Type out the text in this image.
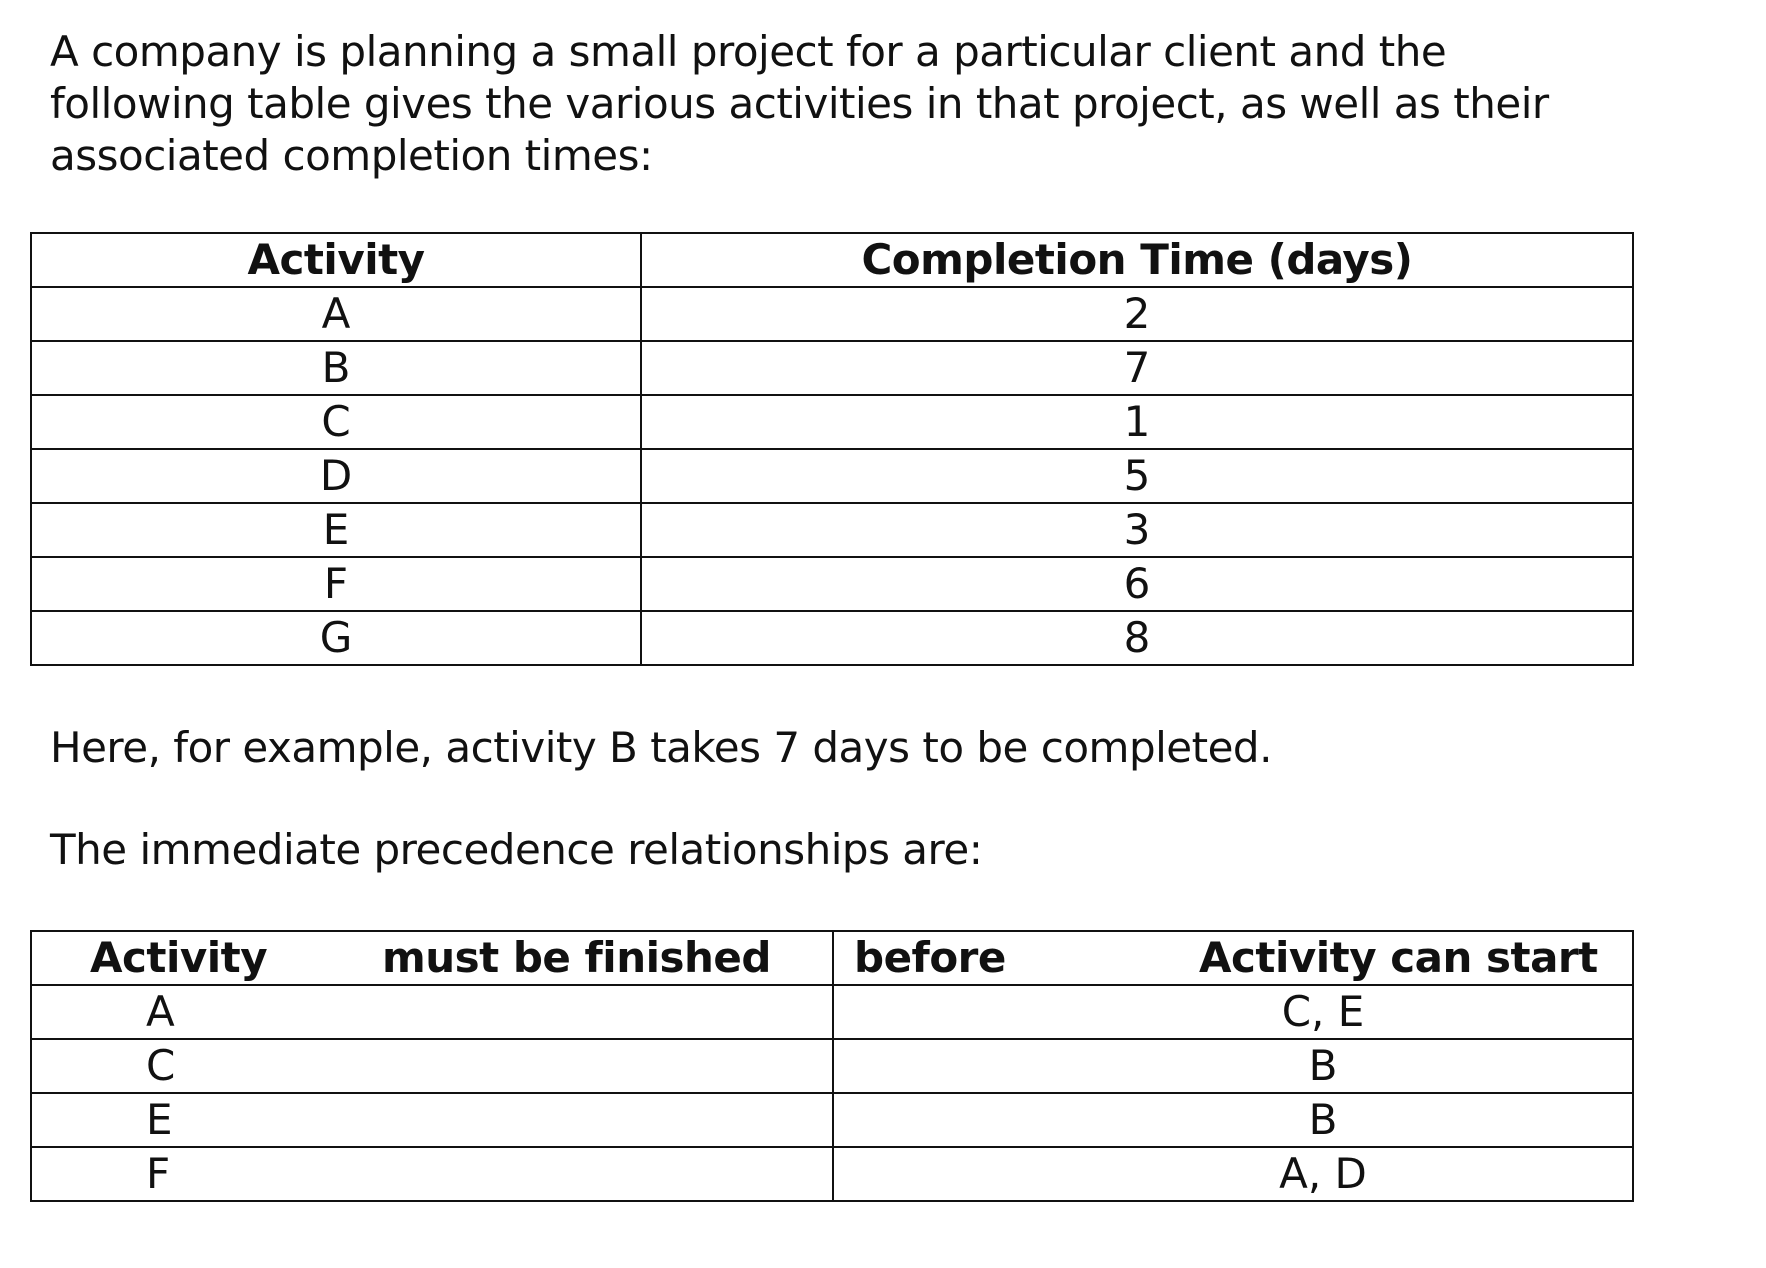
A company is planning a small project for a particular client and the following table gives the various activities in that project, as well as their associated completion times:

Activity	Completion Time (days)
A	2
B	7
C	1
D	5
E	3
F	6
G	8

Here, for example, activity B takes 7 days to be completed.

The immediate precedence relationships are:

Activity must be finished	before Activity can start

A	C, E
C	B
E	B
F	A, D
